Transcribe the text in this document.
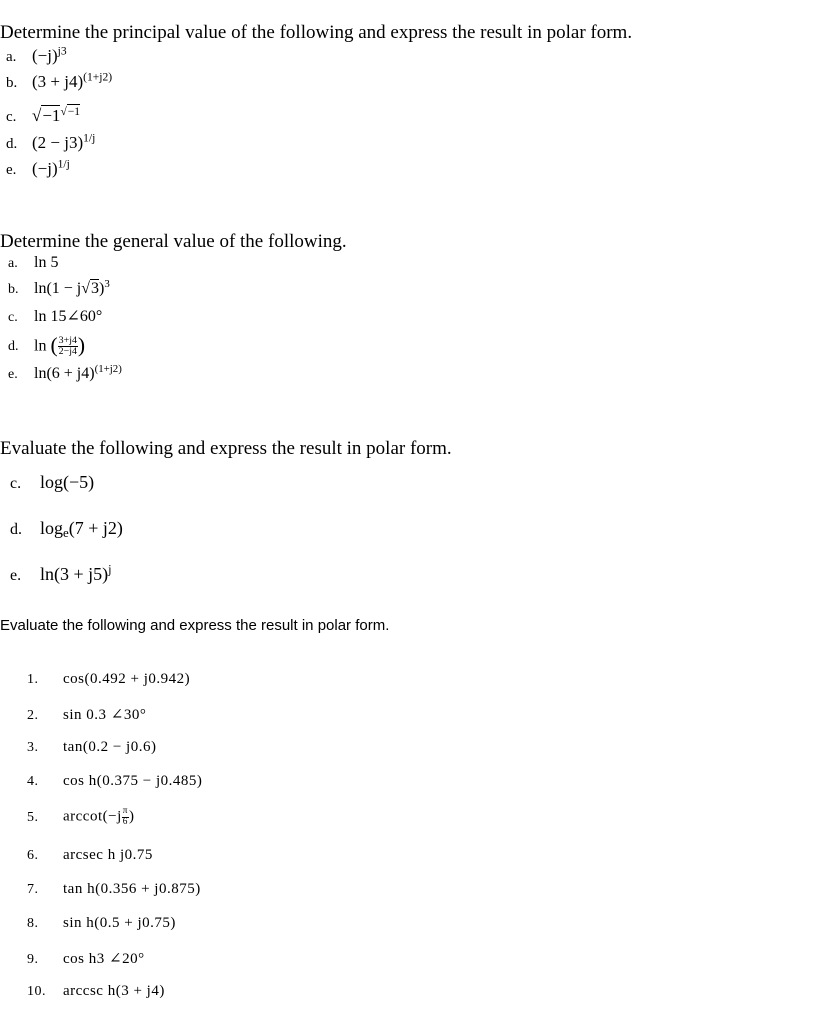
Determine the principal value of the following and express the result in polar form.
a. $(-j)^{j3}$
b. $(3 + j4)^{(1+j2)}$
c. $√-1^{√-1}$
d. $(2 - j3)^{1/j}$
e. $(-j)^{1/j}$
Determine the general value of the following.
a. ln 5
b. $\ln(1 - j√3)^3$
c. ln 15∠60°
d. ln ( $\frac{3+j4}{2-j4}$ )
e. $\ln(6 + j4)^{(1+j2)}$
Evaluate the following and express the result in polar form.
c. log(−5)
d. $\log_e(7 + j2)$
e. $\ln(3 + j5)^j$
Evaluate the following and express the result in polar form.
1. cos(0.492 + j0.942)
2. sin 0.3 ∠30°
3. tan(0.2 − j0.6)
4. cos h(0.375 − j0.485)
5. $arccot(-j \frac{\pi}{6}$ )
6. arcsec h j0.75
7. tan h(0.356 + j0.875)
8. sin h(0.5 + j0.75)
9. cos h3 ∠20°
10. arccsc h(3 + j4)
